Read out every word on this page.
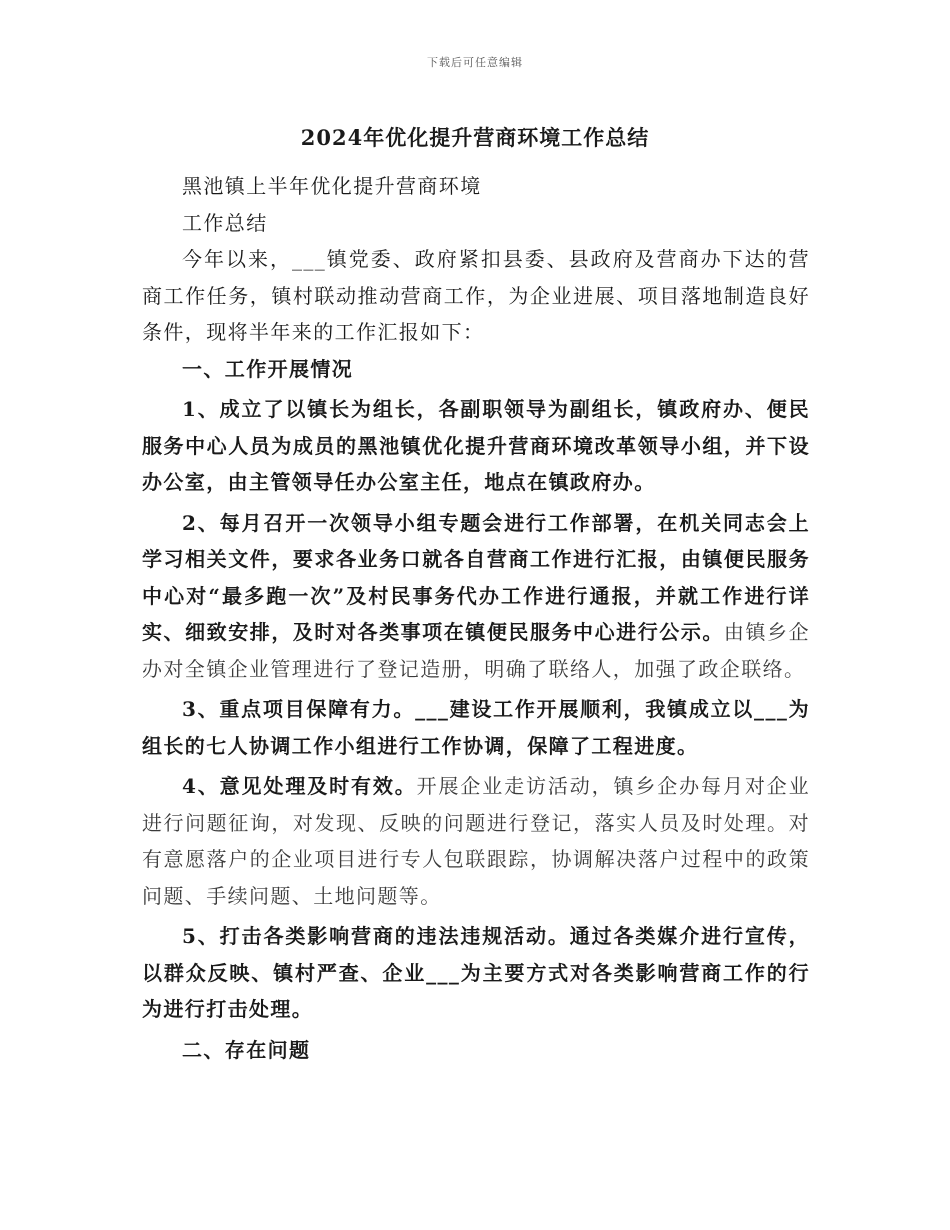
下载后可任意编辑
2024年优化提升营商环境工作总结

黑池镇上半年优化提升营商环境

工作总结

今年以来，___镇党委、政府紧扣县委、县政府及营商办下达的营商工作任务，镇村联动推动营商工作，为企业进展、项目落地制造良好条件，现将半年来的工作汇报如下：

一、工作开展情况

1、成立了以镇长为组长，各副职领导为副组长，镇政府办、便民服务中心人员为成员的黑池镇优化提升营商环境改革领导小组，并下设办公室，由主管领导任办公室主任，地点在镇政府办。

2、每月召开一次领导小组专题会进行工作部署，在机关同志会上学习相关文件，要求各业务口就各自营商工作进行汇报，由镇便民服务中心对“最多跑一次”及村民事务代办工作进行通报，并就工作进行详实、细致安排，及时对各类事项在镇便民服务中心进行公示。由镇乡企办对全镇企业管理进行了登记造册，明确了联络人，加强了政企联络。

3、重点项目保障有力。___建设工作开展顺利，我镇成立以___为组长的七人协调工作小组进行工作协调，保障了工程进度。

4、意见处理及时有效。开展企业走访活动，镇乡企办每月对企业进行问题征询，对发现、反映的问题进行登记，落实人员及时处理。对有意愿落户的企业项目进行专人包联跟踪，协调解决落户过程中的政策问题、手续问题、土地问题等。

5、打击各类影响营商的违法违规活动。通过各类媒介进行宣传，以群众反映、镇村严查、企业___为主要方式对各类影响营商工作的行为进行打击处理。

二、存在问题
